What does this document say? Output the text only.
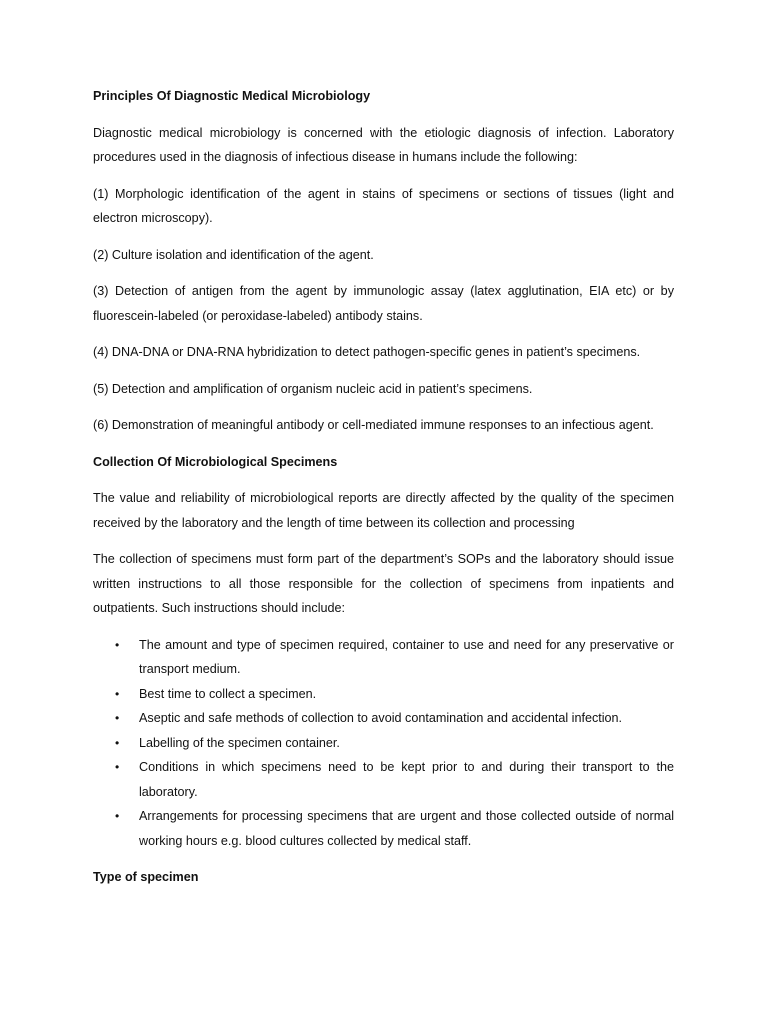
Principles Of Diagnostic Medical Microbiology

Diagnostic medical microbiology is concerned with the etiologic diagnosis of infection. Laboratory procedures used in the diagnosis of infectious disease in humans include the following:

(1) Morphologic identification of the agent in stains of specimens or sections of tissues (light and electron microscopy).

(2) Culture isolation and identification of the agent.

(3) Detection of antigen from the agent by immunologic assay (latex agglutination, EIA etc) or by fluorescein-labeled (or peroxidase-labeled) antibody stains.

(4) DNA-DNA or DNA-RNA hybridization to detect pathogen-specific genes in patient’s specimens.

(5) Detection and amplification of organism nucleic acid in patient’s specimens.

(6) Demonstration of meaningful antibody or cell-mediated immune responses to an infectious agent.

Collection Of Microbiological Specimens

The value and reliability of microbiological reports are directly affected by the quality of the specimen received by the laboratory and the length of time between its collection and processing

The collection of specimens must form part of the department’s SOPs and the laboratory should issue written instructions to all those responsible for the collection of specimens from inpatients and outpatients. Such instructions should include:

• The amount and type of specimen required, container to use and need for any preservative or transport medium.
• Best time to collect a specimen.
• Aseptic and safe methods of collection to avoid contamination and accidental infection.
• Labelling of the specimen container.
• Conditions in which specimens need to be kept prior to and during their transport to the laboratory.
• Arrangements for processing specimens that are urgent and those collected outside of normal working hours e.g. blood cultures collected by medical staff.

Type of specimen
